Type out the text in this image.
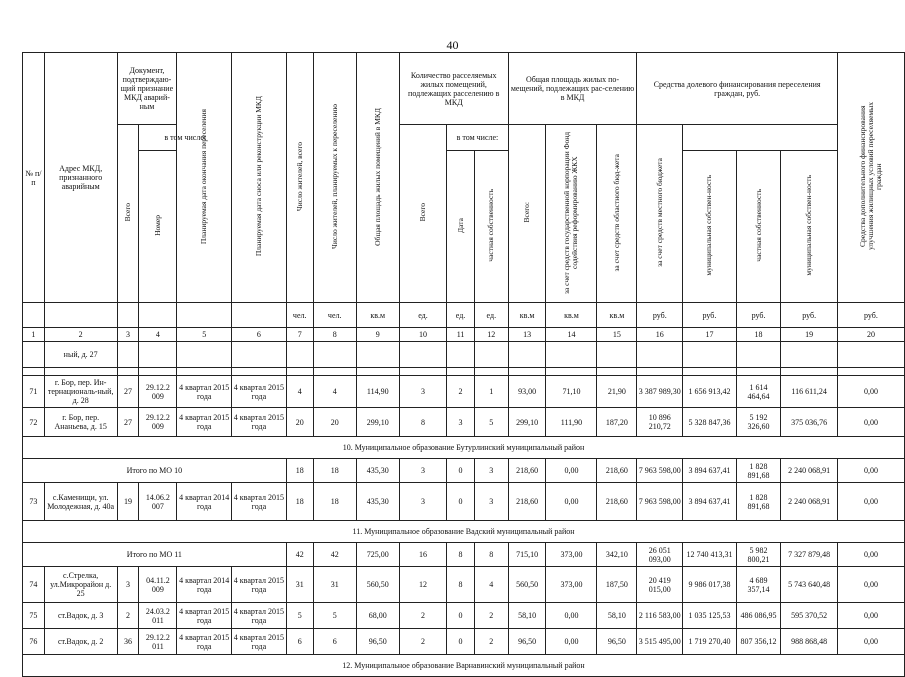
40
№ п/п	Адрес МКД, признанного аварийным	Документ, подтверждаю-щий признание МКД аварий-ным		Планируемая дата окончания переселения	Планируемая дата сноса или реконструкции МКД	Число жителей, всего	Число жителей, планируемых к переселению	Общая площадь жилых помещений в МКД	Количество расселяемых жилых помещений, подлежащих расселению в МКД			Общая площадь жилых по-мещений, подлежащих рас-селению в МКД			Средства долевого финансирования переселения граждан, руб.				Средства дополнительного финансирования улучшения жилищных условий переселяемых граждан
		Всего	в том числе:						Всего	в том числе:		Всего:	за счет средств государственной корпорации Фонд содействия реформированию ЖКХ	за счет средств областного бюд-жета	за счет средств местного бюджета				
			Номер							Дата	частная собственность					муниципальная собствен-ность	частная собственность	муниципальная собствен-ность	
						чел.	чел.	кв.м	ед.	ед.	ед.	кв.м	кв.м	кв.м	руб.	руб.	руб.	руб.	руб.
1	2	3	4	5	6	7	8	9	10	11	12	13	14	15	16	17	18	19	20
	ный, д. 27																		

71	г. Бор, пер. Ин-тернациональ-ный, д. 28	27	29.12.2 009	4 квартал 2015 года	4 квартал 2015 года	4	4	114,90	3	2	1	93,00	71,10	21,90	3 387 989,30	1 656 913,42	1 614 464,64	116 611,24	0,00
72	г. Бор, пер. Ананьева, д. 15	27	29.12.2 009	4 квартал 2015 года	4 квартал 2015 года	20	20	299,10	8	3	5	299,10	111,90	187,20	10 896 210,72	5 328 847,36	5 192 326,60	375 036,76	0,00
10. Муниципальное образование Бутурлинский муниципальный район																			
Итого по МО 10						18	18	435,30	3	0	3	218,60	0,00	218,60	7 963 598,00	3 894 637,41	1 828 891,68	2 240 068,91	0,00
73	с.Каменищи, ул. Молодежная, д. 40а	19	14.06.2 007	4 квартал 2014 года	4 квартал 2015 года	18	18	435,30	3	0	3	218,60	0,00	218,60	7 963 598,00	3 894 637,41	1 828 891,68	2 240 068,91	0,00
11. Муниципальное образование Вадский муниципальный район																			
Итого по МО 11						42	42	725,00	16	8	8	715,10	373,00	342,10	26 051 093,00	12 740 413,31	5 982 800,21	7 327 879,48	0,00
74	с.Стрелка, ул.Микрорайон д. 25	3	04.11.2 009	4 квартал 2014 года	4 квартал 2015 года	31	31	560,50	12	8	4	560,50	373,00	187,50	20 419 015,00	9 986 017,38	4 689 357,14	5 743 640,48	0,00
75	ст.Вадок, д. 3	2	24.03.2 011	4 квартал 2015 года	4 квартал 2015 года	5	5	68,00	2	0	2	58,10	0,00	58,10	2 116 583,00	1 035 125,53	486 086,95	595 370,52	0,00
76	ст.Вадок, д. 2	36	29.12.2 011	4 квартал 2015 года	4 квартал 2015 года	6	6	96,50	2	0	2	96,50	0,00	96,50	3 515 495,00	1 719 270,40	807 356,12	988 868,48	0,00
12. Муниципальное образование Варнавинский муниципальный район																			
